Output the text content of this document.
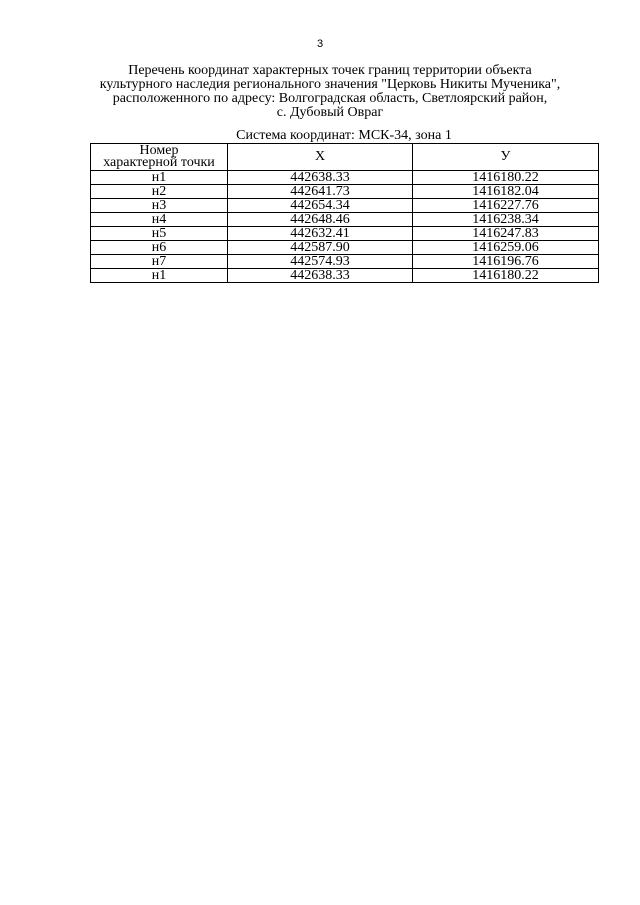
3
Перечень координат характерных точек границ территории объекта
культурного наследия регионального значения "Церковь Никиты Мученика",
расположенного по адресу: Волгоградская область, Светлоярский район,
с. Дубовый Овраг
Система координат: МСК-34, зона 1
Номер
характерной точки	X	У
н1	442638.33	1416180.22
н2	442641.73	1416182.04
н3	442654.34	1416227.76
н4	442648.46	1416238.34
н5	442632.41	1416247.83
н6	442587.90	1416259.06
н7	442574.93	1416196.76
н1	442638.33	1416180.22
